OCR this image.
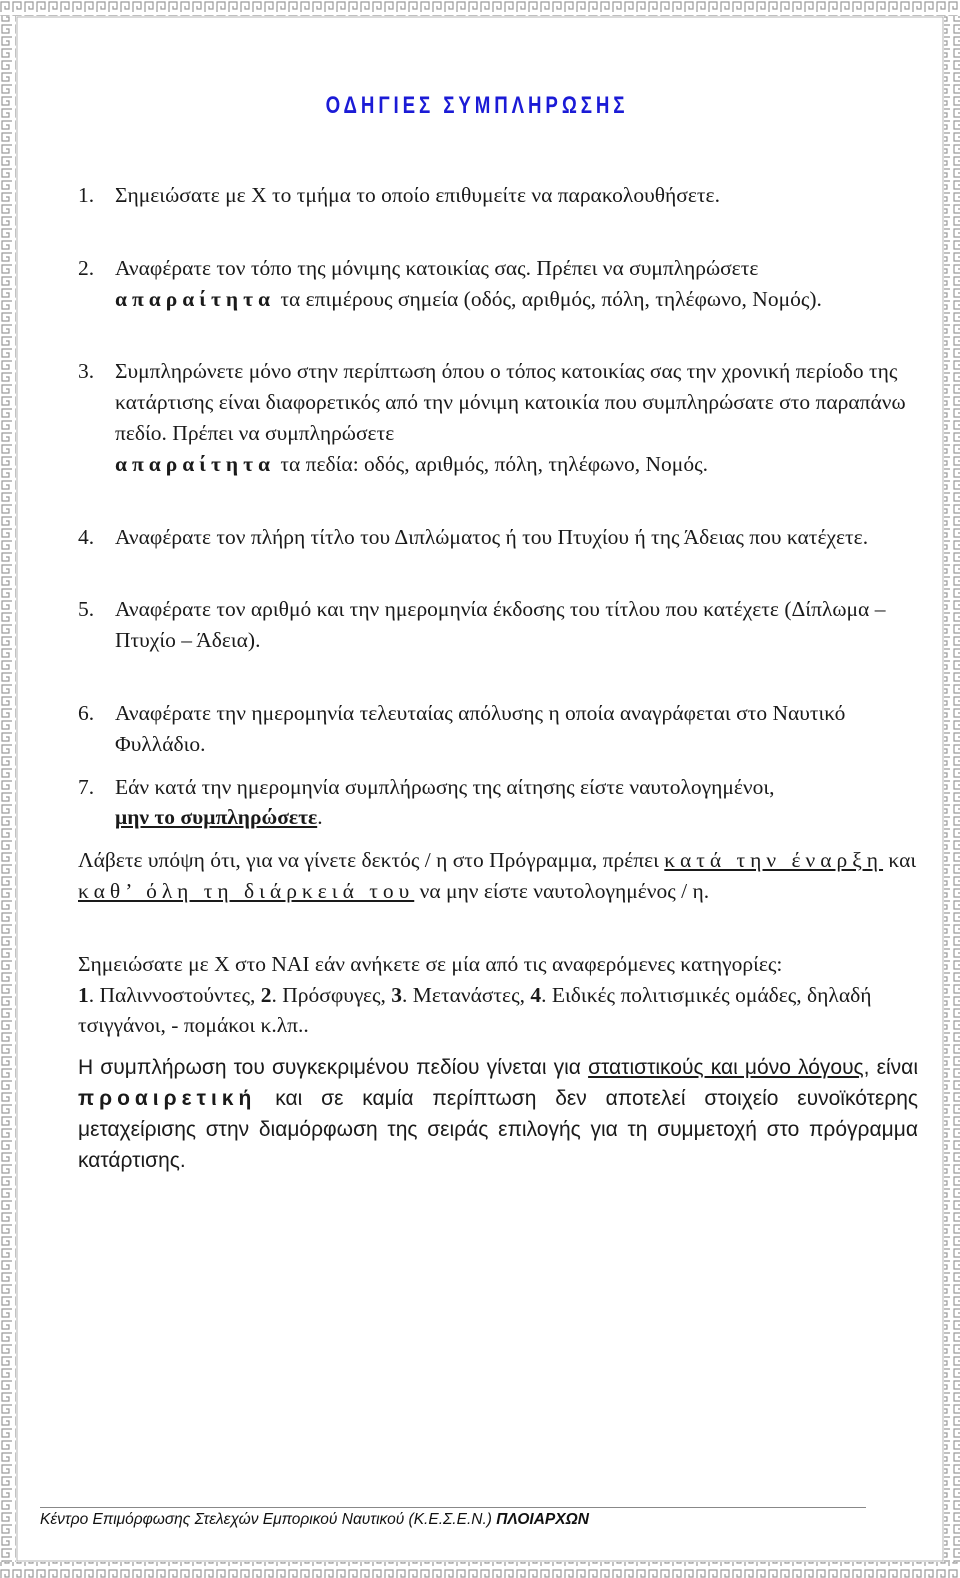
ΟΔΗΓΙΕΣ ΣΥΜΠΛΗΡΩΣΗΣ
1. Σημειώσατε με Χ το τμήμα το οποίο επιθυμείτε να παρακολουθήσετε.
2. Αναφέρατε τον τόπο της μόνιμης κατοικίας σας. Πρέπει να συμπληρώσετε
απαραίτητα τα επιμέρους σημεία (οδός, αριθμός, πόλη, τηλέφωνο, Νομός).
3. Συμπληρώνετε μόνο στην περίπτωση όπου ο τόπος κατοικίας σας την χρονική περίοδο της κατάρτισης είναι διαφορετικός από την μόνιμη κατοικία που συμπληρώσατε στο παραπάνω πεδίο. Πρέπει να συμπληρώσετε
απαραίτητα τα πεδία: οδός, αριθμός, πόλη, τηλέφωνο, Νομός.
4. Αναφέρατε τον πλήρη τίτλο του Διπλώματος ή του Πτυχίου ή της Άδειας που κατέχετε.
5. Αναφέρατε τον αριθμό και την ημερομηνία έκδοσης του τίτλου που κατέχετε (Δίπλωμα – Πτυχίο – Άδεια).
6. Αναφέρατε την ημερομηνία τελευταίας απόλυσης η οποία αναγράφεται στο Ναυτικό Φυλλάδιο.
7. Εάν κατά την ημερομηνία συμπλήρωσης της αίτησης είστε ναυτολογημένοι,
μην το συμπληρώσετε.
Λάβετε υπόψη ότι, για να γίνετε δεκτός / η στο Πρόγραμμα, πρέπει κατά την έναρξη και καθ’ όλη τη διάρκειά του να μην είστε ναυτολογημένος / η.
Σημειώσατε με Χ στο ΝΑΙ εάν ανήκετε σε μία από τις αναφερόμενες κατηγορίες:
1. Παλιννοστούντες, 2. Πρόσφυγες, 3. Μετανάστες, 4. Ειδικές πολιτισμικές ομάδες, δηλαδή τσιγγάνοι, - πομάκοι κ.λπ..
Η συμπλήρωση του συγκεκριμένου πεδίου γίνεται για στατιστικούς και μόνο λόγους, είναι προαιρετική και σε καμία περίπτωση δεν αποτελεί στοιχείο ευνοϊκότερης μεταχείρισης στην διαμόρφωση της σειράς επιλογής για τη συμμετοχή στο πρόγραμμα κατάρτισης.
Κέντρο Επιμόρφωσης Στελεχών Εμπορικού Ναυτικού (Κ.Ε.Σ.Ε.Ν.) ΠΛΟΙΑΡΧΩΝ
